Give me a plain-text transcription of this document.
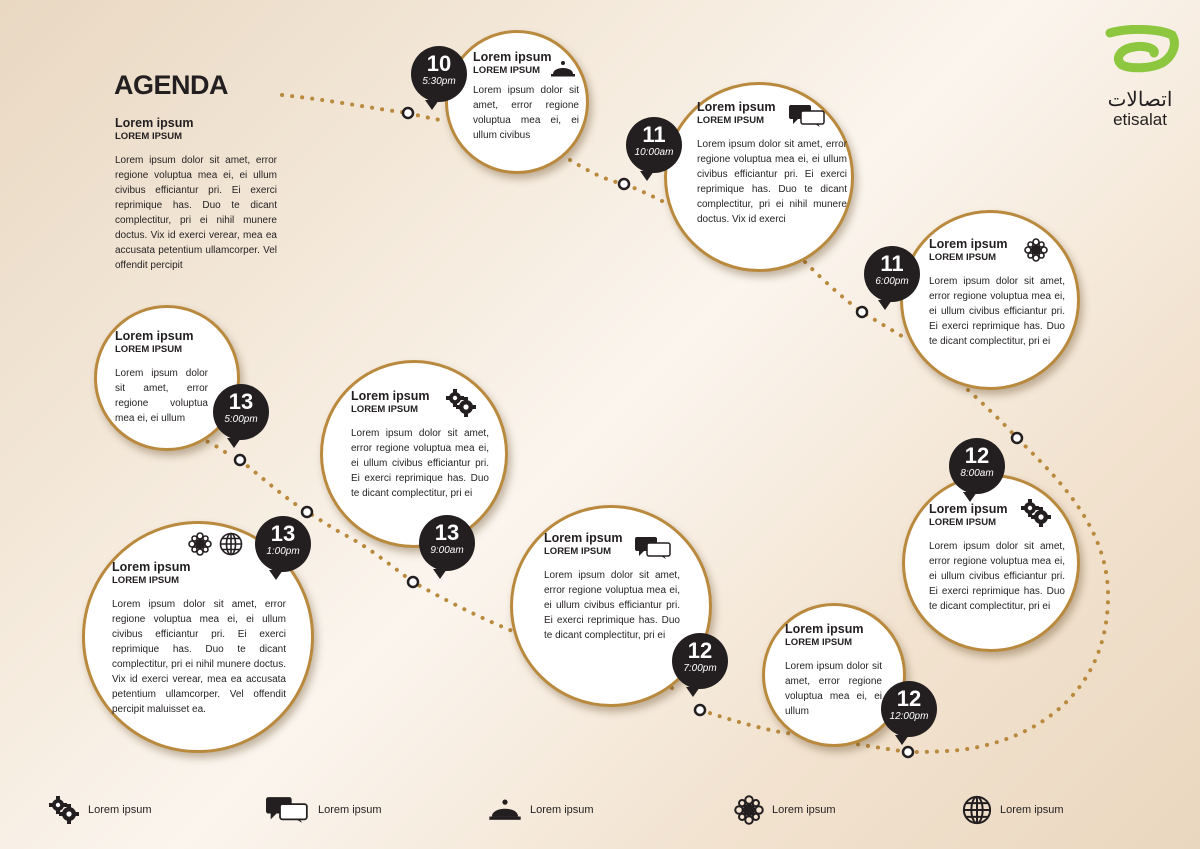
AGENDA
Lorem ipsum
LOREM IPSUM
Lorem ipsum dolor sit amet, error regione voluptua mea ei, ei ullum civibus efficiantur pri. Ei exerci reprimique has. Duo te dicant complectitur, pri ei nihil munere doctus. Vix id exerci verear, mea ea accusata petentium ullamcorper. Vel offendit percipit
اتصالات
etisalat
Lorem ipsum
LOREM IPSUM
Lorem ipsum dolor sit amet, error regione voluptua mea ei, ei ullum civibus
10
5:30pm
Lorem ipsum
LOREM IPSUM
Lorem ipsum dolor sit amet, error regione voluptua mea ei, ei ullum civibus efficiantur pri. Ei exerci reprimique has. Duo te dicant complectitur, pri ei nihil munere doctus. Vix id exerci
11
10:00am
Lorem ipsum
LOREM IPSUM
Lorem ipsum dolor sit amet, error regione voluptua mea ei, ei ullum civibus efficiantur pri. Ei exerci reprimique has. Duo te dicant complectitur, pri ei
11
6:00pm
Lorem ipsum
LOREM IPSUM
Lorem ipsum dolor sit amet, error regione voluptua mea ei, ei ullum civibus efficiantur pri. Ei exerci reprimique has. Duo te dicant complectitur, pri ei
12
8:00am
Lorem ipsum
LOREM IPSUM
Lorem ipsum dolor sit amet, error regione voluptua mea ei, ei ullum
12
12:00pm
Lorem ipsum
LOREM IPSUM
Lorem ipsum dolor sit amet, error regione voluptua mea ei, ei ullum civibus efficiantur pri. Ei exerci reprimique has. Duo te dicant complectitur, pri ei
12
7:00pm
Lorem ipsum
LOREM IPSUM
Lorem ipsum dolor sit amet, error regione voluptua mea ei, ei ullum civibus efficiantur pri. Ei exerci reprimique has. Duo te dicant complectitur, pri ei
13
9:00am
Lorem ipsum
LOREM IPSUM
Lorem ipsum dolor sit amet, error regione voluptua mea ei, ei ullum
13
5:00pm
Lorem ipsum
LOREM IPSUM
Lorem ipsum dolor sit amet, error regione voluptua mea ei, ei ullum civibus efficiantur pri. Ei exerci reprimique has. Duo te dicant complectitur, pri ei nihil munere doctus. Vix id exerci verear, mea ea accusata petentium ullamcorper. Vel offendit percipit maluisset ea.
13
1:00pm
Lorem ipsum	Lorem ipsum	Lorem ipsum	Lorem ipsum	Lorem ipsum
